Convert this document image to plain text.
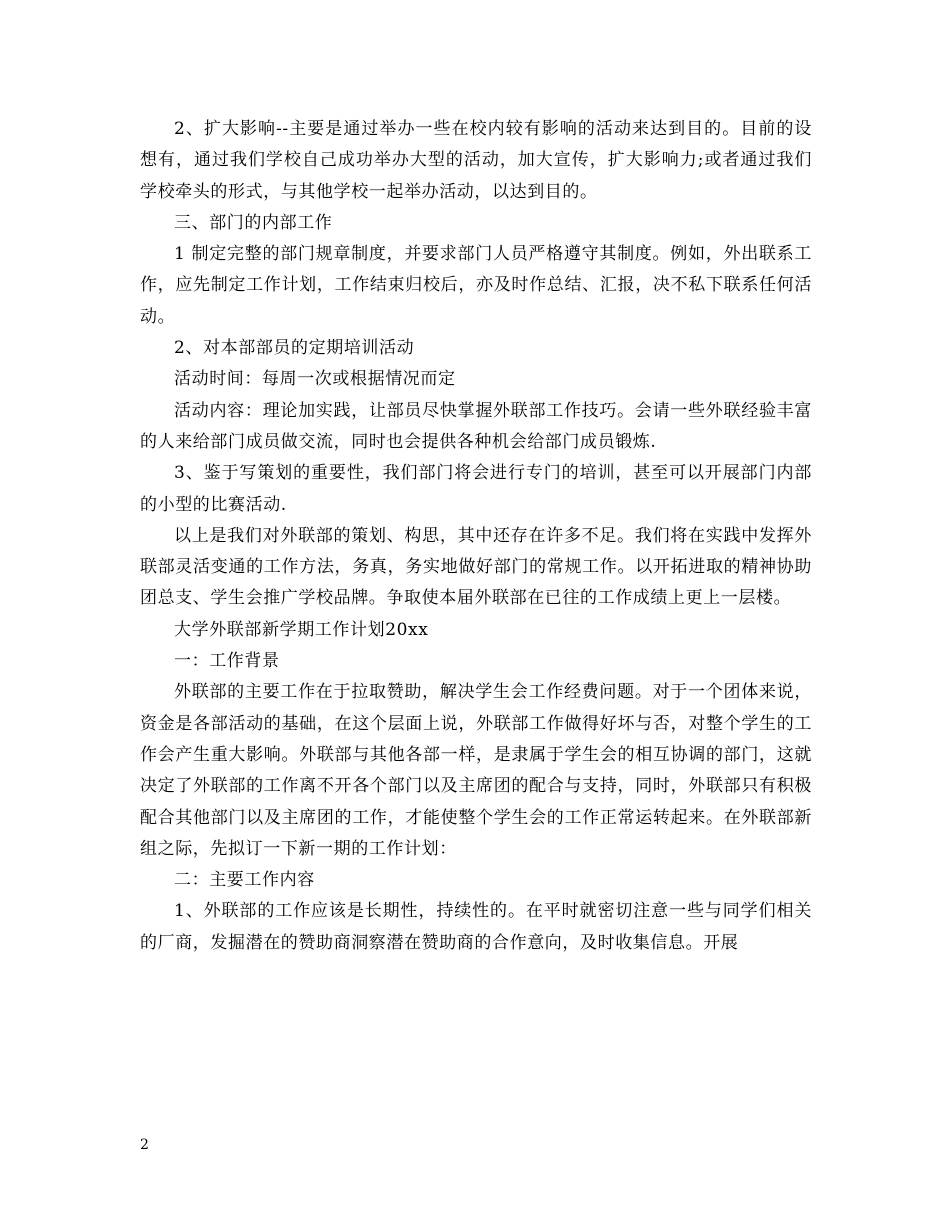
2、扩大影响--主要是通过举办一些在校内较有影响的活动来达到目的。目前的设想有，通过我们学校自己成功举办大型的活动，加大宣传，扩大影响力;或者通过我们学校牵头的形式，与其他学校一起举办活动，以达到目的。

三、部门的内部工作

1 制定完整的部门规章制度，并要求部门人员严格遵守其制度。例如，外出联系工作，应先制定工作计划，工作结束归校后，亦及时作总结、汇报，决不私下联系任何活动。

2、对本部部员的定期培训活动

活动时间：每周一次或根据情况而定

活动内容：理论加实践，让部员尽快掌握外联部工作技巧。会请一些外联经验丰富的人来给部门成员做交流，同时也会提供各种机会给部门成员锻炼.

3、鉴于写策划的重要性，我们部门将会进行专门的培训，甚至可以开展部门内部的小型的比赛活动.

以上是我们对外联部的策划、构思，其中还存在许多不足。我们将在实践中发挥外联部灵活变通的工作方法，务真，务实地做好部门的常规工作。以开拓进取的精神协助团总支、学生会推广学校品牌。争取使本届外联部在已往的工作成绩上更上一层楼。

大学外联部新学期工作计划20xx

一：工作背景

外联部的主要工作在于拉取赞助，解决学生会工作经费问题。对于一个团体来说，资金是各部活动的基础，在这个层面上说，外联部工作做得好坏与否，对整个学生的工作会产生重大影响。外联部与其他各部一样，是隶属于学生会的相互协调的部门，这就决定了外联部的工作离不开各个部门以及主席团的配合与支持，同时，外联部只有积极配合其他部门以及主席团的工作，才能使整个学生会的工作正常运转起来。在外联部新组之际，先拟订一下新一期的工作计划：

二：主要工作内容

1、外联部的工作应该是长期性，持续性的。在平时就密切注意一些与同学们相关的厂商，发掘潜在的赞助商洞察潜在赞助商的合作意向，及时收集信息。开展

2
